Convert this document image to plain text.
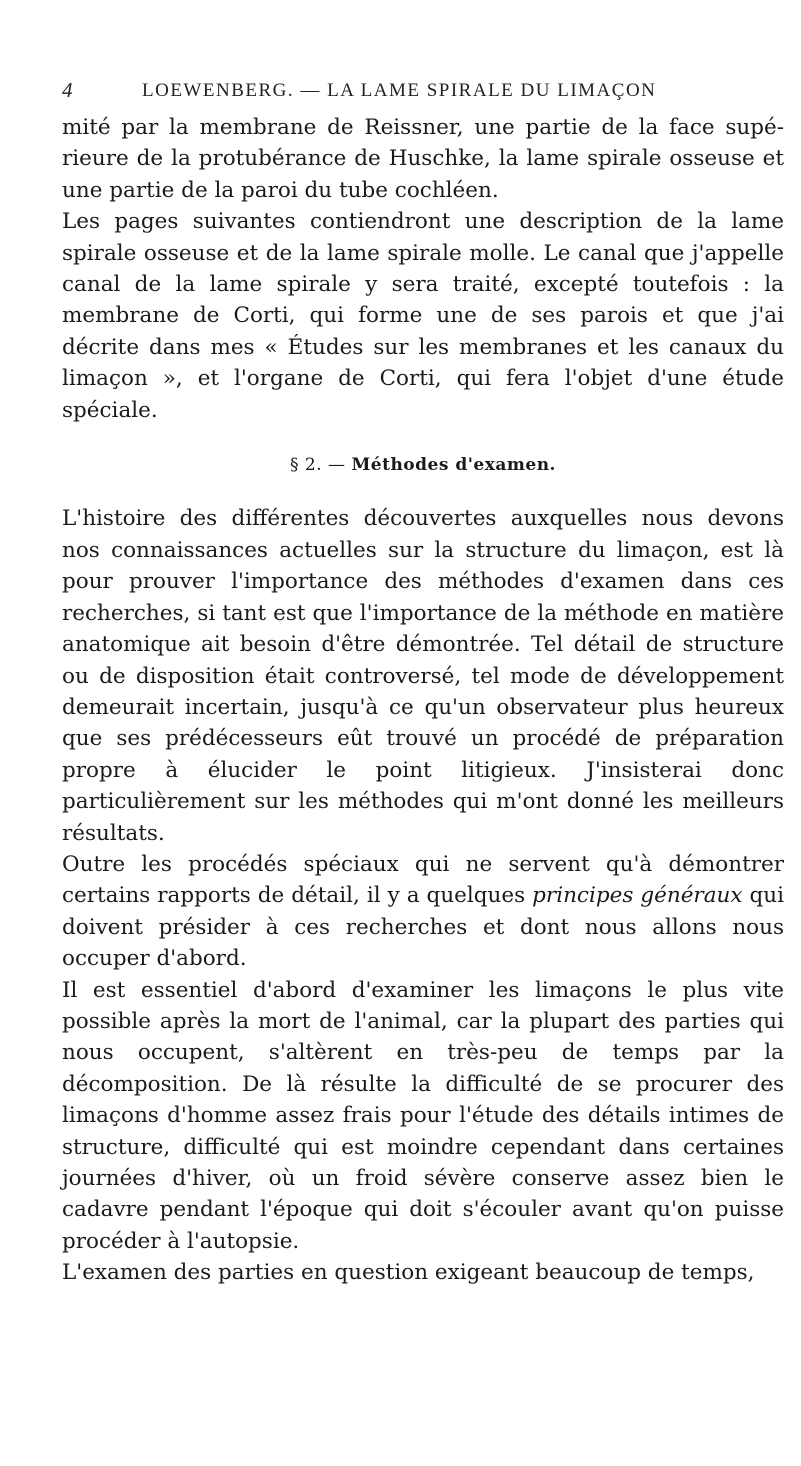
4	LOEWENBERG. — LA LAME SPIRALE DU LIMAÇON

mité par la membrane de Reissner, une partie de la face supé-rieure de la protubérance de Huschke, la lame spirale osseuse et une partie de la paroi du tube cochléen.

Les pages suivantes contiendront une description de la lame spirale osseuse et de la lame spirale molle. Le canal que j'appelle canal de la lame spirale y sera traité, excepté toutefois : la membrane de Corti, qui forme une de ses parois et que j'ai décrite dans mes « Études sur les membranes et les canaux du limaçon », et l'organe de Corti, qui fera l'objet d'une étude spéciale.

§ 2. — Méthodes d'examen.

L'histoire des différentes découvertes auxquelles nous devons nos connaissances actuelles sur la structure du limaçon, est là pour prouver l'importance des méthodes d'examen dans ces recherches, si tant est que l'importance de la méthode en matière anatomique ait besoin d'être démontrée. Tel détail de structure ou de disposition était controversé, tel mode de développement demeurait incertain, jusqu'à ce qu'un observateur plus heureux que ses prédécesseurs eût trouvé un procédé de préparation propre à élucider le point litigieux. J'insisterai donc particulièrement sur les méthodes qui m'ont donné les meilleurs résultats.

Outre les procédés spéciaux qui ne servent qu'à démontrer certains rapports de détail, il y a quelques principes généraux qui doivent présider à ces recherches et dont nous allons nous occuper d'abord.

Il est essentiel d'abord d'examiner les limaçons le plus vite possible après la mort de l'animal, car la plupart des parties qui nous occupent, s'altèrent en très-peu de temps par la décomposition. De là résulte la difficulté de se procurer des limaçons d'homme assez frais pour l'étude des détails intimes de structure, difficulté qui est moindre cependant dans certaines journées d'hiver, où un froid sévère conserve assez bien le cadavre pendant l'époque qui doit s'écouler avant qu'on puisse procéder à l'autopsie.

L'examen des parties en question exigeant beaucoup de temps,
